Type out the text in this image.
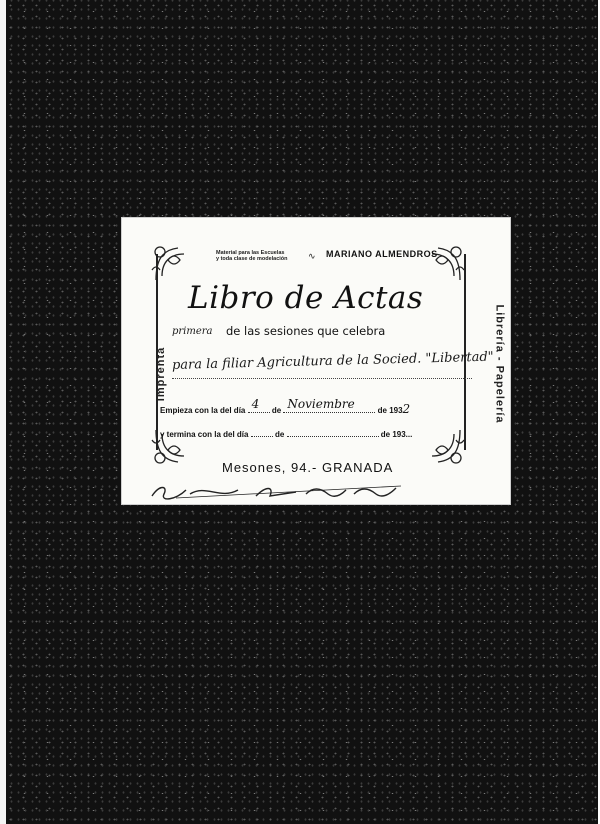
Material para las Escuelas
y toda clase de modelación	∿ MARIANO ALMENDROS
Libro de Actas
primera de las sesiones que celebra
para la filiar Agricultura de la Socied. "Libertad"
Empieza con la del día 4 de Noviembre	de 1932
y termina con la del día	de	de 193...
Imprenta	Librería - Papelería
Mesones, 94.- GRANADA
